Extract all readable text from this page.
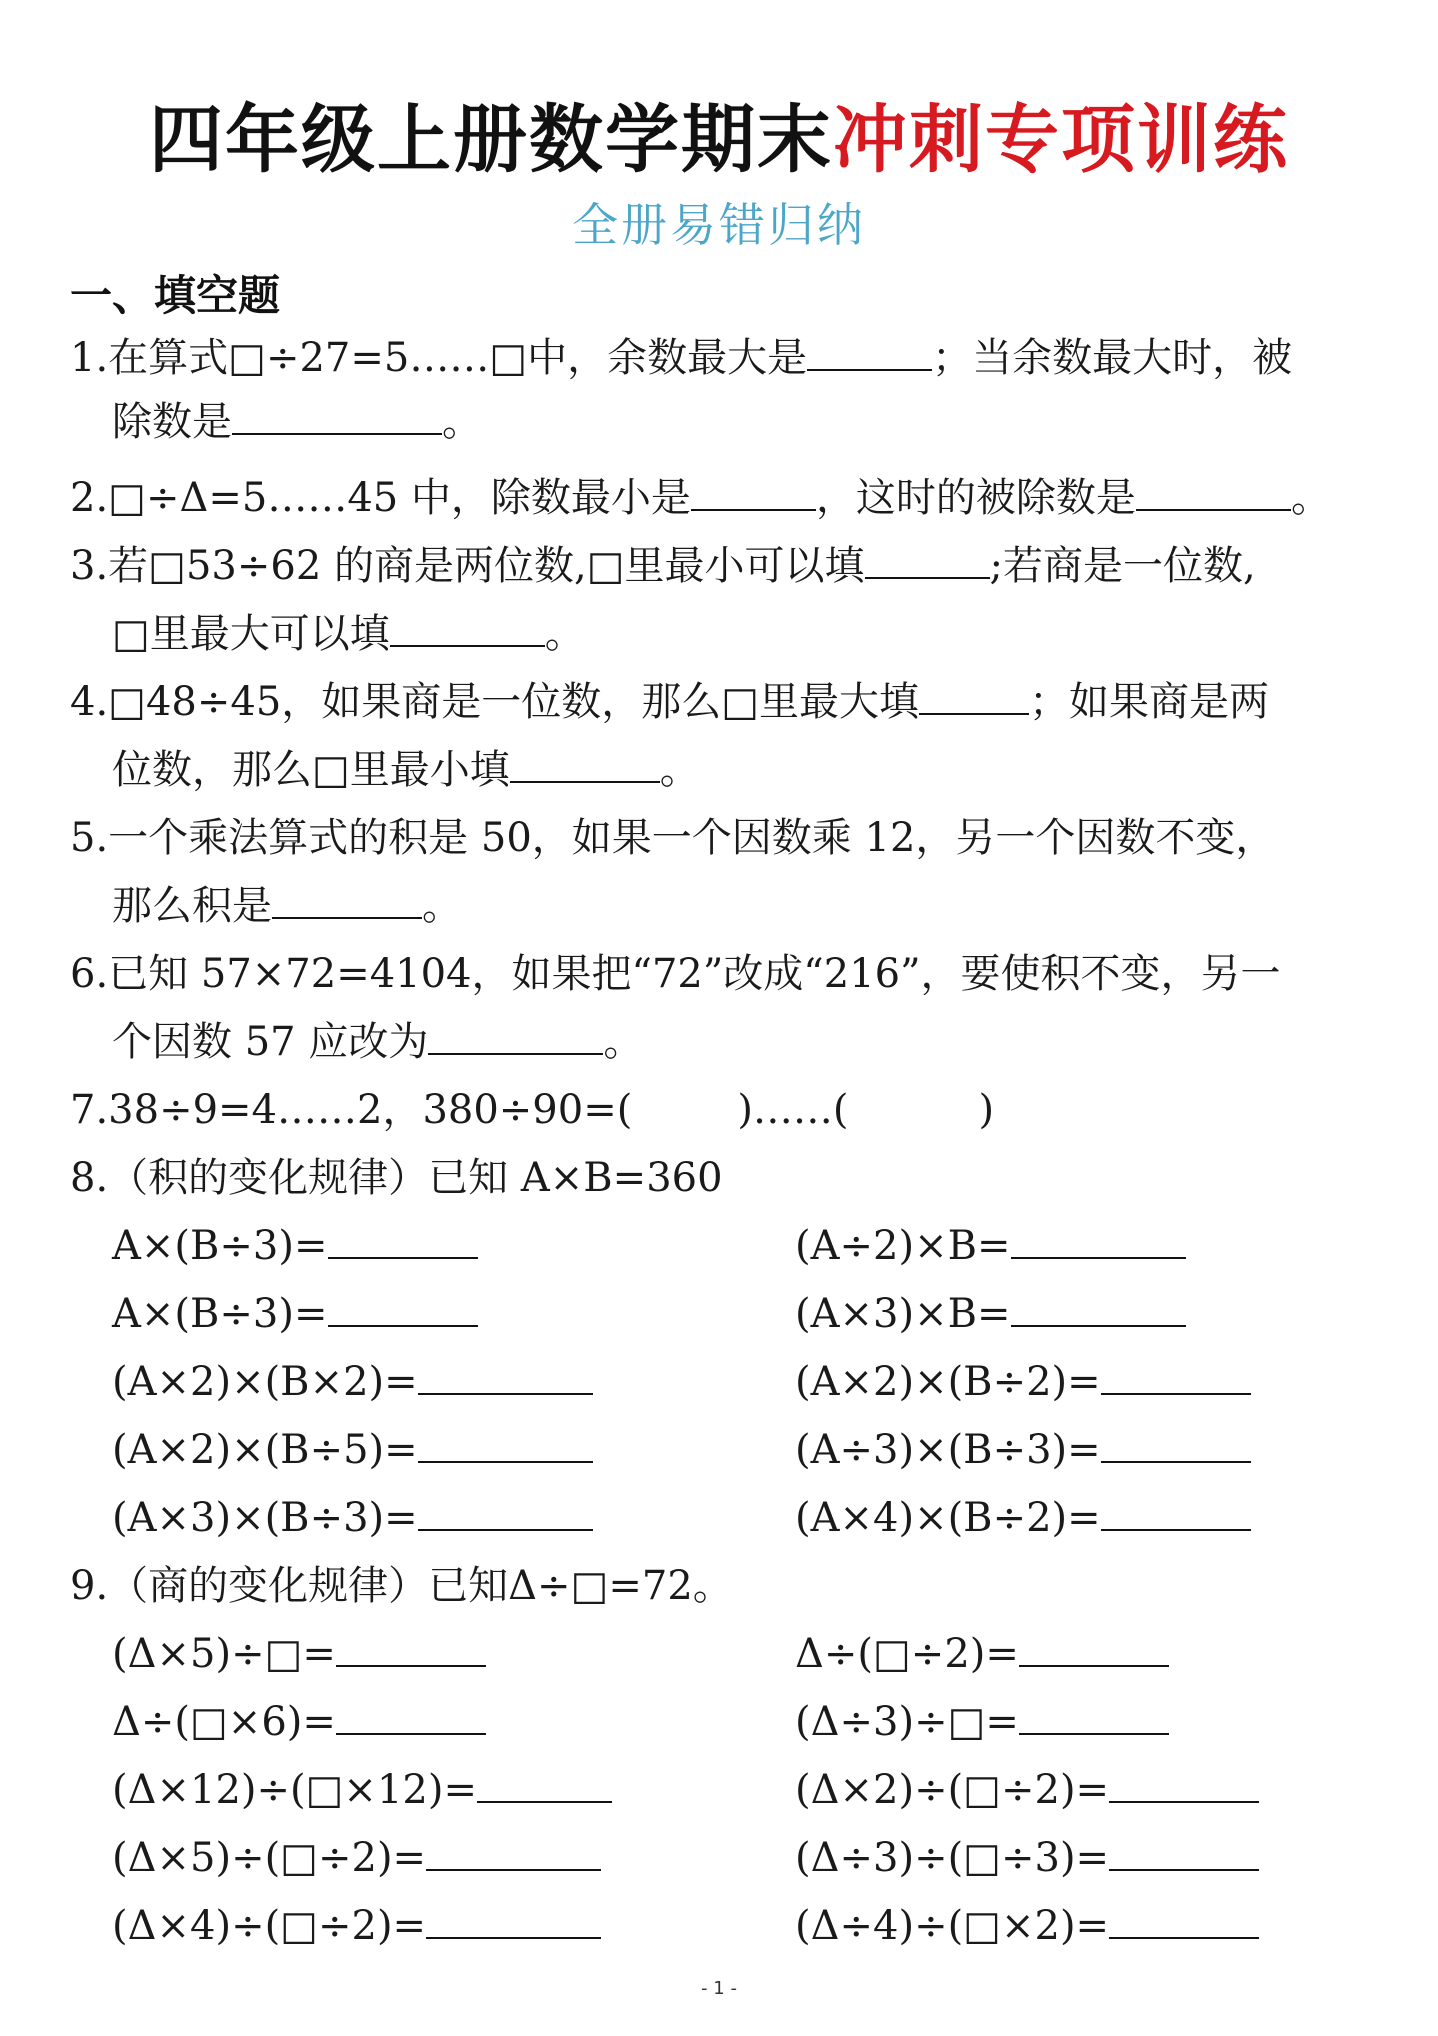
四年级上册数学期末冲刺专项训练
全册易错归纳
一、填空题
1.在算式□÷27=5……□中，余数最大是	；当余数最大时，被
除数是	。
2.□÷Δ=5……45 中，除数最小是	，这时的被除数是	。
3.若□53÷62 的商是两位数,□里最小可以填	;若商是一位数,
□里最大可以填	。
4.□48÷45，如果商是一位数，那么□里最大填	；如果商是两
位数，那么□里最小填	。
5.一个乘法算式的积是 50，如果一个因数乘 12，另一个因数不变，
那么积是	。
6.已知 57×72=4104，如果把“72”改成“216”，要使积不变，另一
个因数 57 应改为	。
7.38÷9=4……2，380÷90=(	)……(	)
8.（积的变化规律）已知 A×B=360
A×(B÷3)=	(A÷2)×B=
A×(B÷3)=	(A×3)×B=
(A×2)×(B×2)=	(A×2)×(B÷2)=
(A×2)×(B÷5)=	(A÷3)×(B÷3)=
(A×3)×(B÷3)=	(A×4)×(B÷2)=
9.（商的变化规律）已知Δ÷□=72。
(Δ×5)÷□=	Δ÷(□÷2)=
Δ÷(□×6)=	(Δ÷3)÷□=
(Δ×12)÷(□×12)=	(Δ×2)÷(□÷2)=
(Δ×5)÷(□÷2)=	(Δ÷3)÷(□÷3)=
(Δ×4)÷(□÷2)=	(Δ÷4)÷(□×2)=
- 1 -
